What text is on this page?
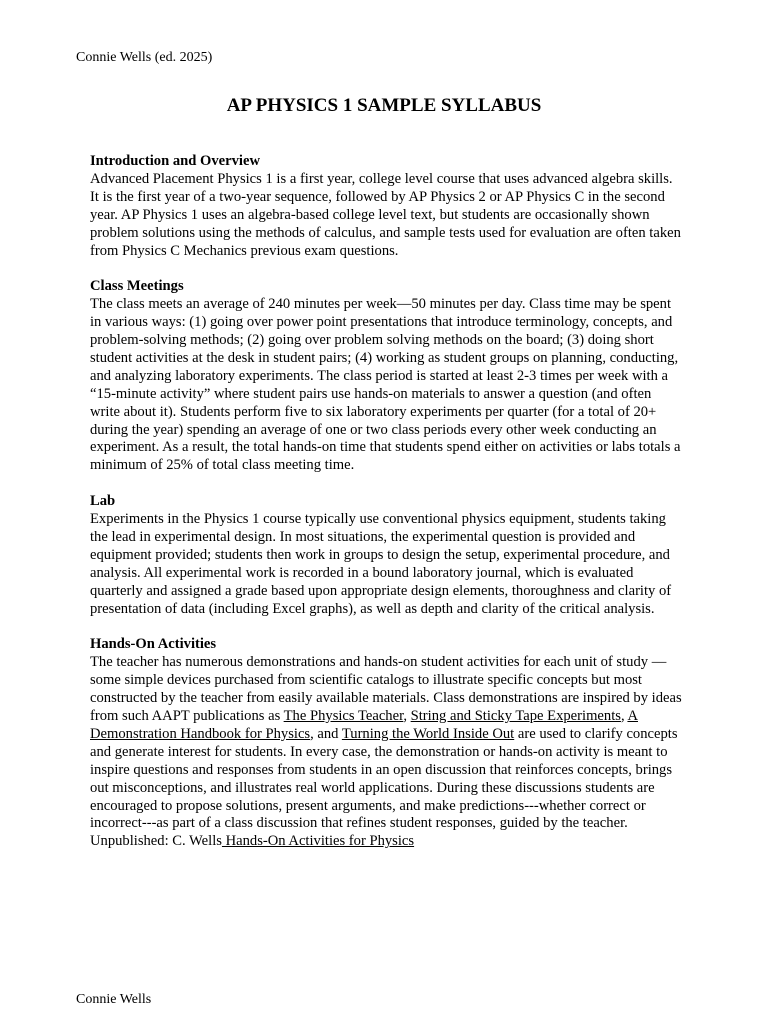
Connie Wells (ed. 2025)
AP PHYSICS 1 SAMPLE SYLLABUS
Introduction and Overview

Advanced Placement Physics 1 is a first year, college level course that uses advanced algebra skills. It is the first year of a two-year sequence, followed by AP Physics 2 or AP Physics C in the second year. AP Physics 1 uses an algebra-based college level text, but students are occasionally shown problem solutions using the methods of calculus, and sample tests used for evaluation are often taken from Physics C Mechanics previous exam questions.

Class Meetings

The class meets an average of 240 minutes per week—50 minutes per day. Class time may be spent in various ways: (1) going over power point presentations that introduce terminology, concepts, and problem-solving methods; (2) going over problem solving methods on the board; (3) doing short student activities at the desk in student pairs; (4) working as student groups on planning, conducting, and analyzing laboratory experiments. The class period is started at least 2-3 times per week with a “15-minute activity” where student pairs use hands-on materials to answer a question (and often write about it). Students perform five to six laboratory experiments per quarter (for a total of 20+ during the year) spending an average of one or two class periods every other week conducting an experiment. As a result, the total hands-on time that students spend either on activities or labs totals a minimum of 25% of total class meeting time.

Lab

Experiments in the Physics 1 course typically use conventional physics equipment, students taking the lead in experimental design. In most situations, the experimental question is provided and equipment provided; students then work in groups to design the setup, experimental procedure, and analysis. All experimental work is recorded in a bound laboratory journal, which is evaluated quarterly and assigned a grade based upon appropriate design elements, thoroughness and clarity of presentation of data (including Excel graphs), as well as depth and clarity of the critical analysis.

Hands-On Activities

The teacher has numerous demonstrations and hands-on student activities for each unit of study —some simple devices purchased from scientific catalogs to illustrate specific concepts but most constructed by the teacher from easily available materials. Class demonstrations are inspired by ideas from such AAPT publications as The Physics Teacher, String and Sticky Tape Experiments, A Demonstration Handbook for Physics, and Turning the World Inside Out are used to clarify concepts and generate interest for students. In every case, the demonstration or hands-on activity is meant to inspire questions and responses from students in an open discussion that reinforces concepts, brings out misconceptions, and illustrates real world applications. During these discussions students are encouraged to propose solutions, present arguments, and make predictions---whether correct or incorrect---as part of a class discussion that refines student responses, guided by the teacher. Unpublished: C. Wells Hands-On Activities for Physics

Connie Wells
